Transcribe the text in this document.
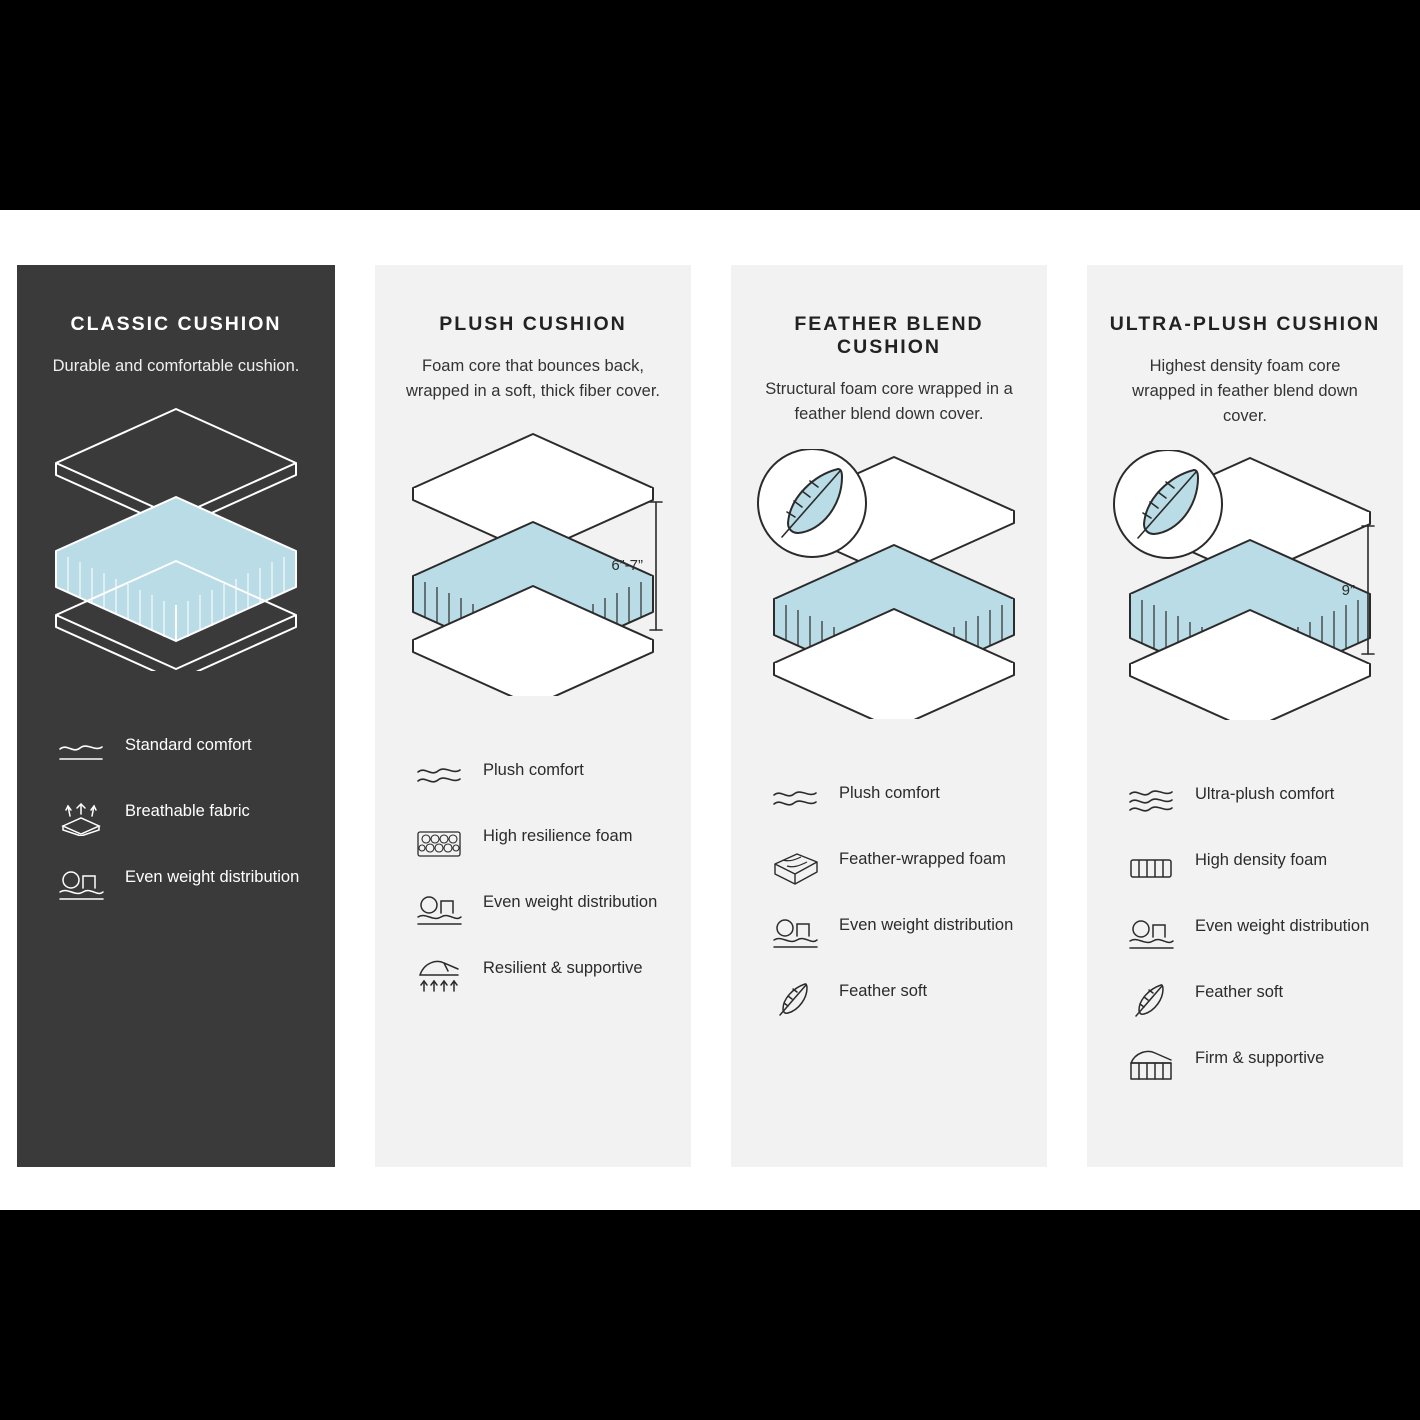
CLASSIC CUSHION
Durable and comfortable cushion.
Standard comfort
Breathable fabric
Even weight distribution
PLUSH CUSHION
Foam core that bounces back, wrapped in a soft, thick fiber cover.
6”-7”
Plush comfort
High resilience foam
Even weight distribution
Resilient & supportive
FEATHER BLEND CUSHION
Structural foam core wrapped in a feather blend down cover.
Plush comfort
Feather-wrapped foam
Even weight distribution
Feather soft
ULTRA-PLUSH CUSHION
Highest density foam core wrapped in feather blend down cover.
9”
Ultra-plush comfort
High density foam
Even weight distribution
Feather soft
Firm & supportive
